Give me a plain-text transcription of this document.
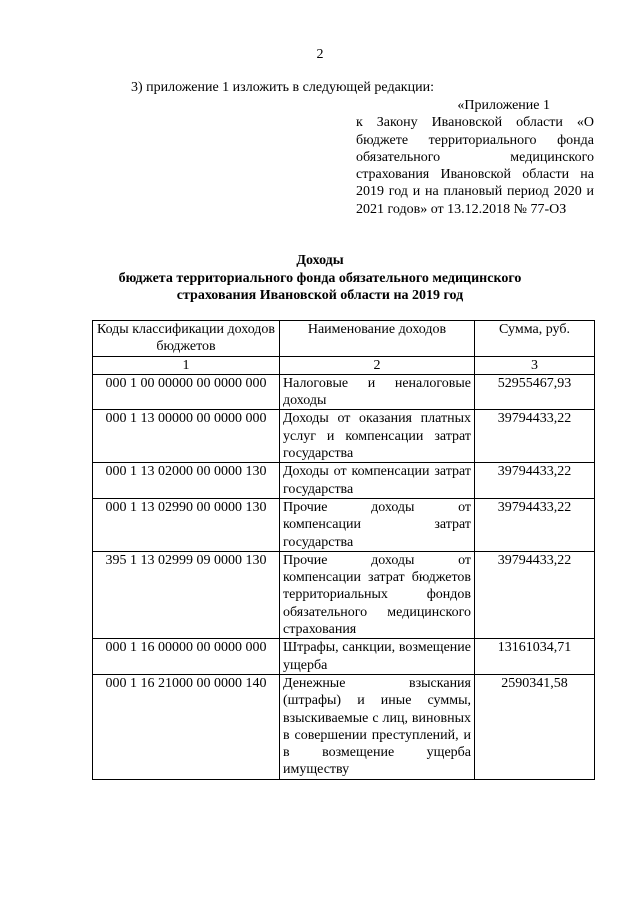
2
3) приложение 1 изложить в следующей редакции:
«Приложение 1
к Закону Ивановской области «О бюджете территориального фонда обязательного медицинского страхования Ивановской области на 2019 год и на плановый период 2020 и 2021 годов» от 13.12.2018 № 77-ОЗ
Доходы
бюджета территориального фонда обязательного медицинского
страхования Ивановской области на 2019 год
Коды классификации доходов бюджетов	Наименование доходов	Сумма, руб.
1	2	3
000 1 00 00000 00 0000 000	Налоговые и неналоговые доходы	52955467,93
000 1 13 00000 00 0000 000	Доходы от оказания платных услуг и компенсации затрат государства	39794433,22
000 1 13 02000 00 0000 130	Доходы от компенсации затрат государства	39794433,22
000 1 13 02990 00 0000 130	Прочие доходы от компенсации затрат государства	39794433,22
395 1 13 02999 09 0000 130	Прочие доходы от компенсации затрат бюджетов территориальных фондов обязательного медицинского страхования	39794433,22
000 1 16 00000 00 0000 000	Штрафы, санкции, возмещение ущерба	13161034,71
000 1 16 21000 00 0000 140	Денежные взыскания (штрафы) и иные суммы, взыскиваемые с лиц, виновных в совершении преступлений, и в возмещение ущерба имуществу	2590341,58
